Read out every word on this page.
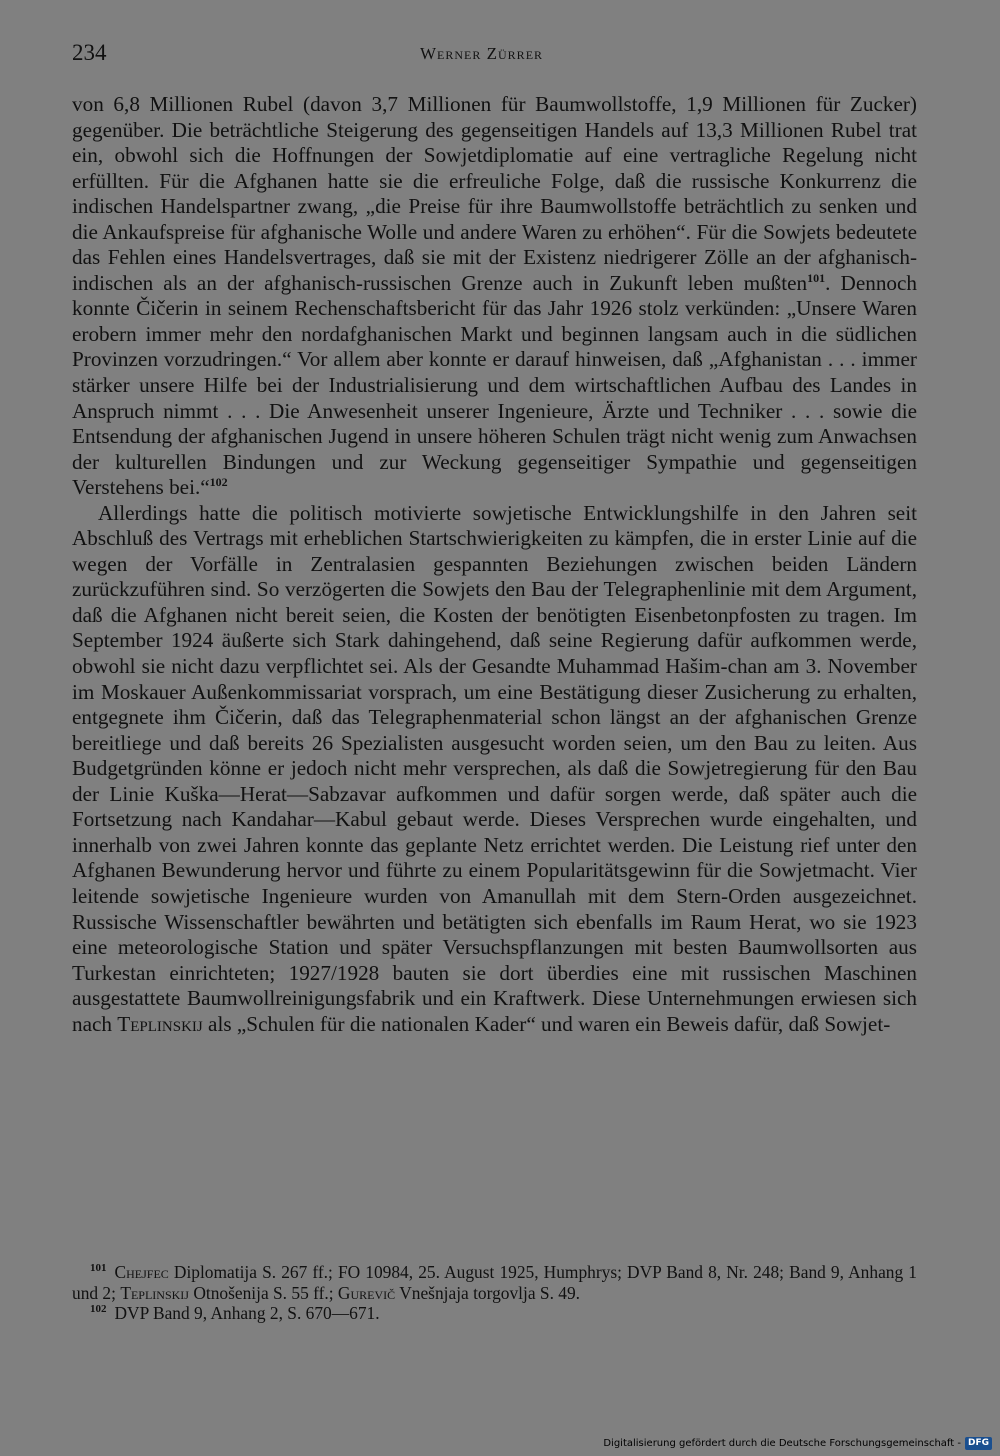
234	Werner Zürrer

von 6,8 Millionen Rubel (davon 3,7 Millionen für Baumwollstoffe, 1,9 Millionen für Zucker) gegenüber. Die beträchtliche Steigerung des gegenseitigen Handels auf 13,3 Millionen Rubel trat ein, obwohl sich die Hoffnungen der Sowjetdiplomatie auf eine vertragliche Regelung nicht erfüllten. Für die Afghanen hatte sie die erfreuliche Folge, daß die russische Konkurrenz die indischen Handelspartner zwang, „die Preise für ihre Baumwollstoffe beträchtlich zu senken und die Ankaufspreise für afghanische Wolle und andere Waren zu erhöhen“. Für die Sowjets bedeutete das Fehlen eines Handelsvertrages, daß sie mit der Existenz niedrigerer Zölle an der afghanisch-indischen als an der afghanisch-russischen Grenze auch in Zukunft leben mußten$^{101}$. Dennoch konnte Čičerin in seinem Rechenschaftsbericht für das Jahr 1926 stolz verkünden: „Unsere Waren erobern immer mehr den nordafghanischen Markt und beginnen langsam auch in die südlichen Provinzen vorzudringen.“ Vor allem aber konnte er darauf hinweisen, daß „Afghanistan . . . immer stärker unsere Hilfe bei der Industrialisierung und dem wirtschaftlichen Aufbau des Landes in Anspruch nimmt . . . Die Anwesenheit unserer Ingenieure, Ärzte und Techniker . . . sowie die Entsendung der afghanischen Jugend in unsere höheren Schulen trägt nicht wenig zum Anwachsen der kulturellen Bindungen und zur Weckung gegenseitiger Sympathie und gegenseitigen Verstehens bei.“$^{102}$

Allerdings hatte die politisch motivierte sowjetische Entwicklungshilfe in den Jahren seit Abschluß des Vertrags mit erheblichen Startschwierigkeiten zu kämpfen, die in erster Linie auf die wegen der Vorfälle in Zentralasien gespannten Beziehungen zwischen beiden Ländern zurückzuführen sind. So verzögerten die Sowjets den Bau der Telegraphenlinie mit dem Argument, daß die Afghanen nicht bereit seien, die Kosten der benötigten Eisenbetonpfosten zu tragen. Im September 1924 äußerte sich Stark dahingehend, daß seine Regierung dafür aufkommen werde, obwohl sie nicht dazu verpflichtet sei. Als der Gesandte Muhammad Hašim-chan am 3. November im Moskauer Außenkommissariat vorsprach, um eine Bestätigung dieser Zusicherung zu erhalten, entgegnete ihm Čičerin, daß das Telegraphenmaterial schon längst an der afghanischen Grenze bereitliege und daß bereits 26 Spezialisten ausgesucht worden seien, um den Bau zu leiten. Aus Budgetgründen könne er jedoch nicht mehr versprechen, als daß die Sowjetregierung für den Bau der Linie Kuška—Herat—Sabzavar aufkommen und dafür sorgen werde, daß später auch die Fortsetzung nach Kandahar—Kabul gebaut werde. Dieses Versprechen wurde eingehalten, und innerhalb von zwei Jahren konnte das geplante Netz errichtet werden. Die Leistung rief unter den Afghanen Bewunderung hervor und führte zu einem Popularitätsgewinn für die Sowjetmacht. Vier leitende sowjetische Ingenieure wurden von Amanullah mit dem Stern-Orden ausgezeichnet. Russische Wissenschaftler bewährten und betätigten sich ebenfalls im Raum Herat, wo sie 1923 eine meteorologische Station und später Versuchspflanzungen mit besten Baumwollsorten aus Turkestan einrichteten; 1927/1928 bauten sie dort überdies eine mit russischen Maschinen ausgestattete Baumwollreinigungsfabrik und ein Kraftwerk. Diese Unternehmungen erwiesen sich nach Teplinskij als „Schulen für die nationalen Kader“ und waren ein Beweis dafür, daß Sowjet-

$^{101}$ Chejfec Diplomatija S. 267 ff.; FO 10984, 25. August 1925, Humphrys; DVP Band 8, Nr. 248; Band 9, Anhang 1 und 2; Teplinskij Otnošenija S. 55 ff.; Gurevič Vnešnjaja torgovlja S. 49.

$^{102}$ DVP Band 9, Anhang 2, S. 670—671.

Digitalisierung gefördert durch die Deutsche Forschungsgemeinschaft - DFG
